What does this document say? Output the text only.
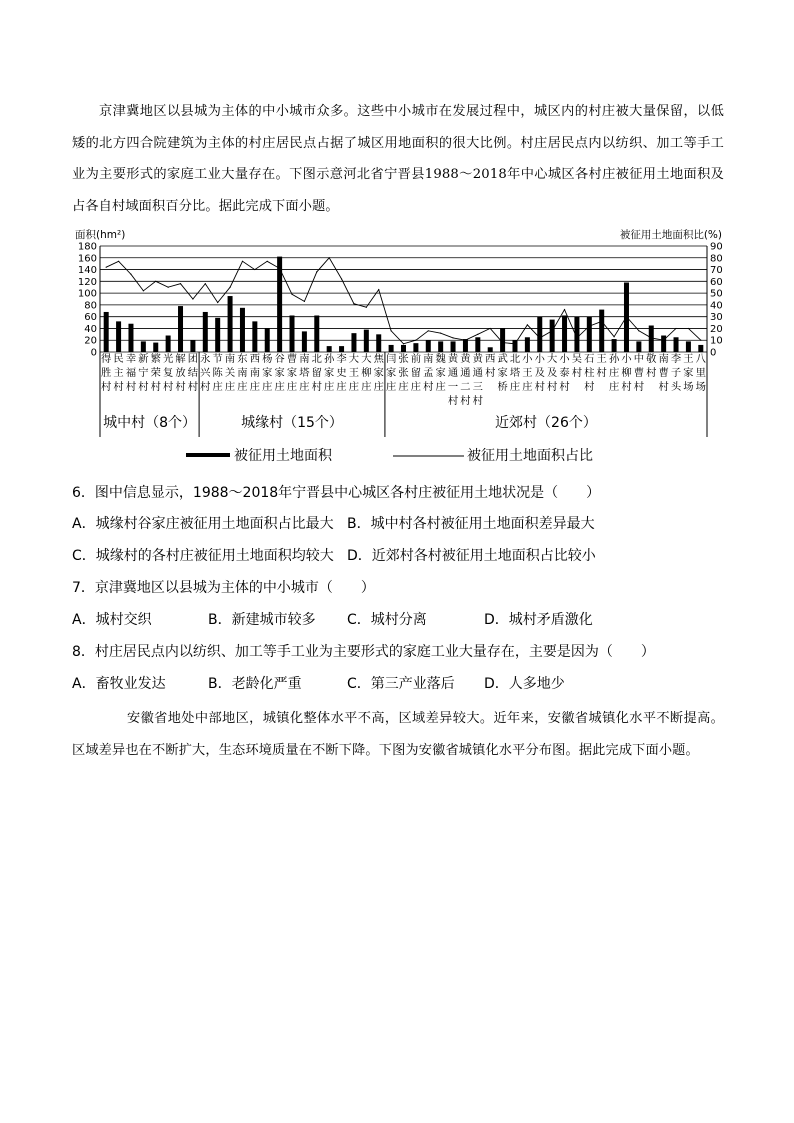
京津冀地区以县城为主体的中小城市众多。这些中小城市在发展过程中，城区内的村庄被大量保留，以低矮的北方四合院建筑为主体的村庄居民点占据了城区用地面积的很大比例。村庄居民点内以纺织、加工等手工业为主要形式的家庭工业大量存在。下图示意河北省宁晋县1988～2018年中心城区各村庄被征用土地面积及占各自村域面积百分比。据此完成下面小题。

0	0
20	10
40	20
60	30
80	40
100	50
120	60
140	70
160	80
180	90
面积(hm²)	被征用土地面积比(%)
得
胜
村
民
主
村
幸
福
村
新
宁
村
繁
荣
村
光
复
村
解
放
村
团
结
村
永
兴
村
节
陈
庄
南
关
庄
东
南
庄
西
南
庄
杨
家
庄
谷
家
庄
曹
家
庄
南
塔
庄
北
留
村
孙
家
庄
李
史
庄
大
王
庄
大
柳
庄
焦
家
庄
闫
家
庄
张
张
庄
前
留
庄
南
孟
村
魏
家
庄
黄
通
一
村
黄
通
二
村
黄
通
三
村
西
村
武
家
桥
北
塔
庄
小
王
庄
小
及
村
大
及
村
小
泰
村
吴
村
石
柱
村
王
村
孙
庄
庄
小
柳
村
中
曹
村
敬
村
南
曹
村
李
子
头
王
家
场
八
里
场
城中村（8个）	城缘村（15个）	近郊村（26个）
被征用土地面积	被征用土地面积占比

6．图中信息显示，1988～2018年宁晋县中心城区各村庄被征用土地状况是（　　）

A．城缘村谷家庄被征用土地面积占比最大 B．城中村各村被征用土地面积差异最大
C．城缘村的各村庄被征用土地面积均较大 D．近郊村各村被征用土地面积占比较小

7．京津冀地区以县城为主体的中小城市（　　）

A．城村交织	B．新建城市较多 C．城村分离	D．城村矛盾激化

8．村庄居民点内以纺织、加工等手工业为主要形式的家庭工业大量存在，主要是因为（　　）

A．畜牧业发达	B．老龄化严重	C．第三产业落后 D．人多地少

安徽省地处中部地区，城镇化整体水平不高，区域差异较大。近年来，安徽省城镇化水平不断提高。区域差异也在不断扩大，生态环境质量在不断下降。下图为安徽省城镇化水平分布图。据此完成下面小题。
